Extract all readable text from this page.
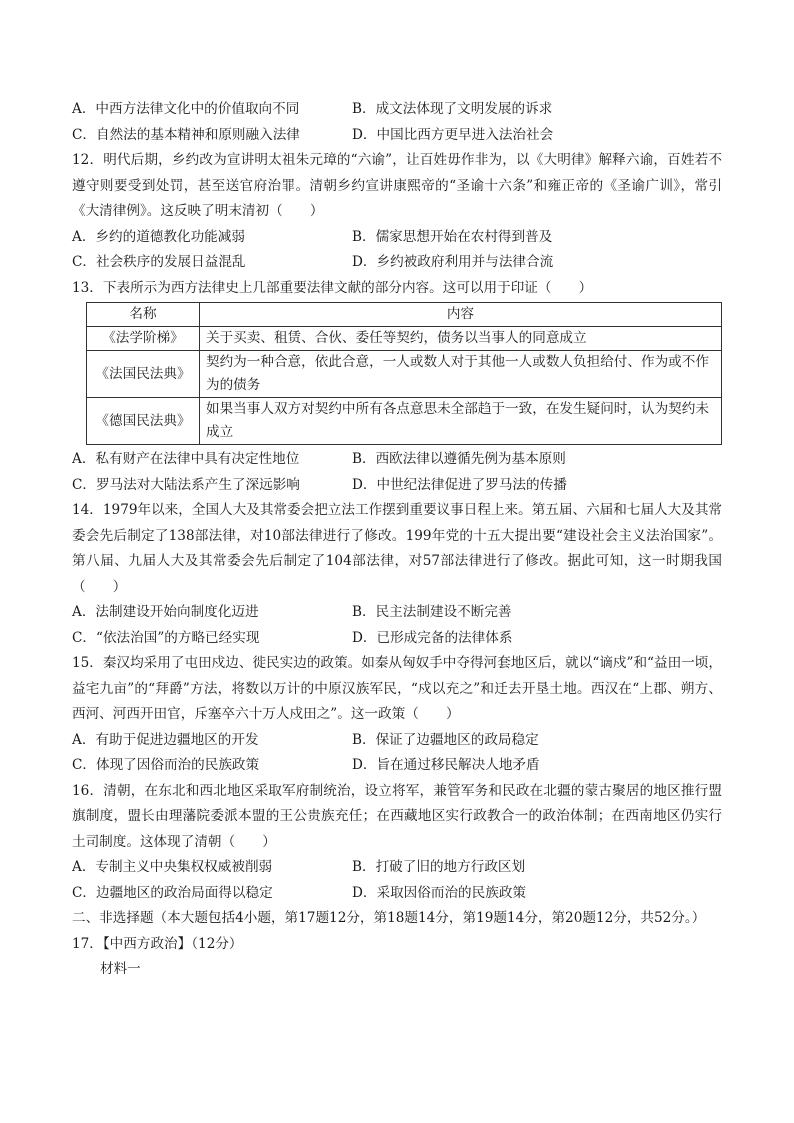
A．中西方法律文化中的价值取向不同	B．成文法体现了文明发展的诉求
C．自然法的基本精神和原则融入法律	D．中国比西方更早进入法治社会
12．明代后期，乡约改为宣讲明太祖朱元璋的“六谕”，让百姓毋作非为，以《大明律》解释六谕，百姓若不遵守则要受到处罚，甚至送官府治罪。清朝乡约宣讲康熙帝的“圣谕十六条”和雍正帝的《圣谕广训》，常引《大清律例》。这反映了明末清初（　　）
A．乡约的道德教化功能减弱	B．儒家思想开始在农村得到普及
C．社会秩序的发展日益混乱	D．乡约被政府利用并与法律合流
13．下表所示为西方法律史上几部重要法律文献的部分内容。这可以用于印证（　　）
名称	内容
《法学阶梯》	关于买卖、租赁、合伙、委任等契约，债务以当事人的同意成立
《法国民法典》	契约为一种合意，依此合意，一人或数人对于其他一人或数人负担给付、作为或不作为的债务
《德国民法典》	如果当事人双方对契约中所有各点意思未全部趋于一致，在发生疑问时，认为契约未成立
A．私有财产在法律中具有决定性地位	B．西欧法律以遵循先例为基本原则
C．罗马法对大陆法系产生了深远影响	D．中世纪法律促进了罗马法的传播
14．1979年以来，全国人大及其常委会把立法工作摆到重要议事日程上来。第五届、六届和七届人大及其常委会先后制定了138部法律，对10部法律进行了修改。199年党的十五大提出要“建设社会主义法治国家”。第八届、九届人大及其常委会先后制定了104部法律，对57部法律进行了修改。据此可知，这一时期我国（　　）
A．法制建设开始向制度化迈进	B．民主法制建设不断完善
C．“依法治国”的方略已经实现	D．已形成完备的法律体系
15．秦汉均采用了屯田戍边、徙民实边的政策。如秦从匈奴手中夺得河套地区后，就以“谪戍”和“益田一顷，益宅九亩”的“拜爵”方法，将数以万计的中原汉族军民，“戍以充之”和迁去开垦土地。西汉在“上郡、朔方、西河、河西开田官，斥塞卒六十万人戍田之”。这一政策（　　）
A．有助于促进边疆地区的开发	B．保证了边疆地区的政局稳定
C．体现了因俗而治的民族政策	D．旨在通过移民解决人地矛盾
16．清朝，在东北和西北地区采取军府制统治，设立将军，兼管军务和民政在北疆的蒙古聚居的地区推行盟旗制度，盟长由理藩院委派本盟的王公贵族充任；在西藏地区实行政教合一的政治体制；在西南地区仍实行土司制度。这体现了清朝（　　）
A．专制主义中央集权权威被削弱	B．打破了旧的地方行政区划
C．边疆地区的政治局面得以稳定	D．采取因俗而治的民族政策
二、非选择题（本大题包括4小题，第17题12分，第18题14分，第19题14分，第20题12分，共52分。）
17．【中西方政治】（12分）
材料一
